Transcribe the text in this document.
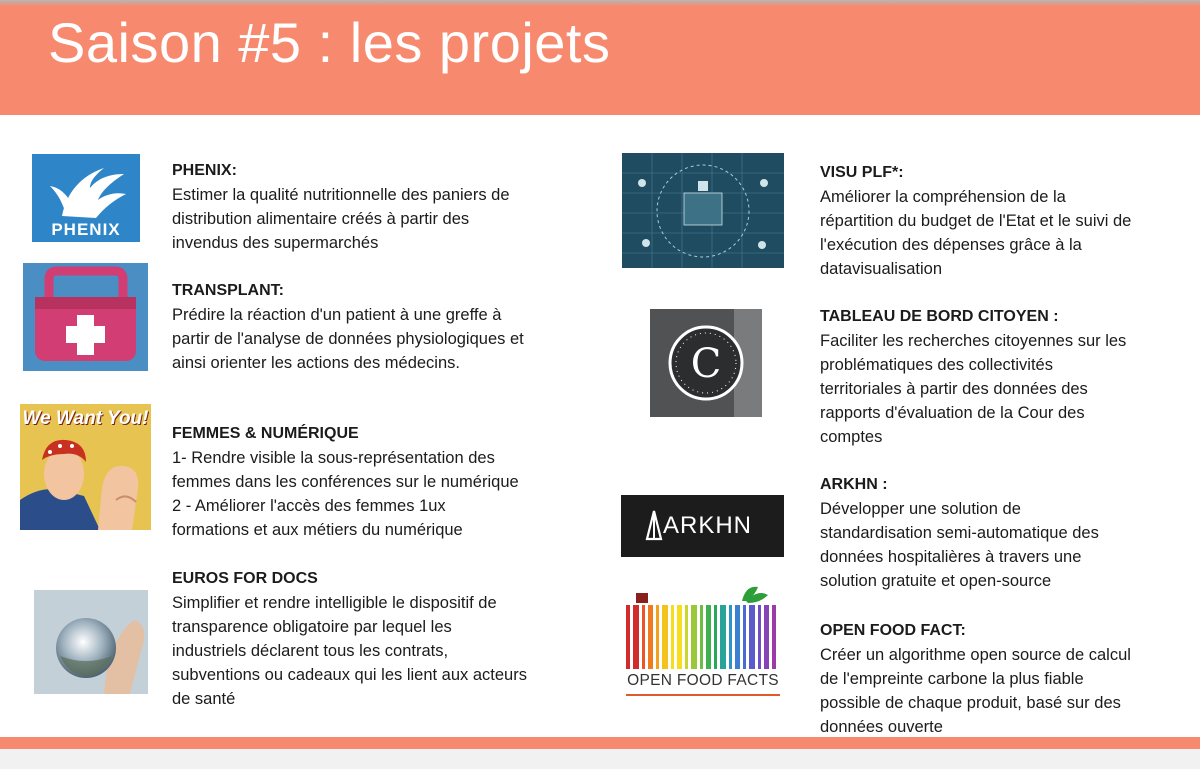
Saison #5 : les projets
PHENIX
We Want You!
PHENIX:
Estimer la qualité nutritionnelle des paniers de
distribution alimentaire créés à partir des
invendus des supermarchés
TRANSPLANT:
Prédire la réaction d'un patient à une greffe à
partir de l'analyse de données physiologiques et
ainsi orienter les actions des médecins.
FEMMES & NUMÉRIQUE
1- Rendre visible la sous-représentation des
femmes dans les conférences sur le numérique
2 - Améliorer l'accès des femmes 1ux
formations et aux métiers du numérique
EUROS FOR DOCS
Simplifier et rendre intelligible le dispositif de
transparence obligatoire par lequel les
industriels déclarent tous les contrats,
subventions ou cadeaux qui les lient aux acteurs
de santé
C
ARKHN
OPEN FOOD FACTS
VISU PLF*:
Améliorer la compréhension de la
répartition du budget de l'Etat et le suivi de
l'exécution des dépenses grâce à la
datavisualisation
TABLEAU DE BORD CITOYEN :
Faciliter les recherches citoyennes sur les
problématiques des collectivités
territoriales à partir des données des
rapports d'évaluation de la Cour des
comptes
ARKHN :
Développer une solution de
standardisation semi-automatique des
données hospitalières à travers une
solution gratuite et open-source
OPEN FOOD FACT:
Créer un algorithme open source de calcul
de l'empreinte carbone la plus fiable
possible de chaque produit, basé sur des
données ouverte
